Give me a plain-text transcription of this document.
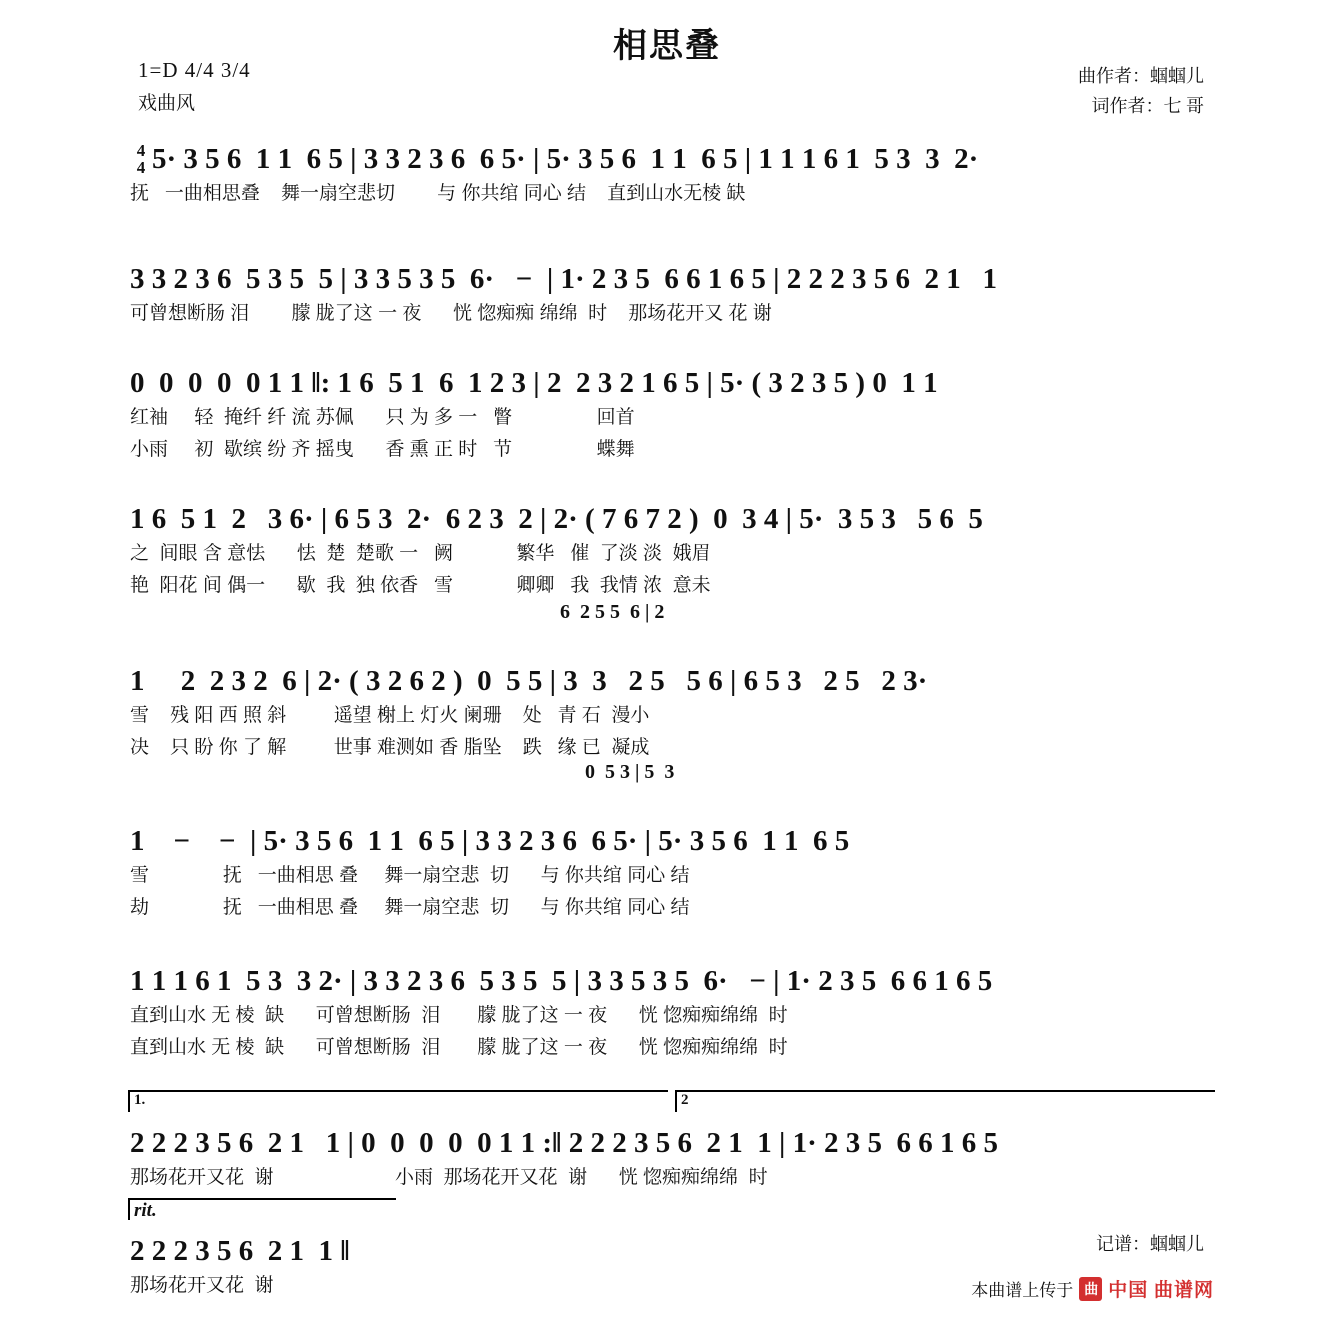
相思叠
1=D 4/4 3/4
戏曲风
曲作者：蝈蝈儿
词作者：七 哥
4
4 5· 3 5 6  1 1  6 5 | 3 3 2 3 6  6 5· | 5· 3 5 6  1 1  6 5 | 1 1 1 6 1  5 3  3  2·
抚   一曲相思叠    舞一扇空悲切        与 你共绾 同心 结    直到山水无棱 缺
3 3 2 3 6  5 3 5  5 | 3 3 5 3 5  6·   −  | 1· 2 3 5  6 6 1 6 5 | 2 2 2 3 5 6  2 1   1
可曾想断肠 泪        朦 胧了这 一 夜      恍 惚痴痴 绵绵  时    那场花开又 花 谢
0  0  0  0  0 1 1 ‖: 1 6  5 1  6  1 2 3 | 2  2 3 2 1 6 5 | 5· ( 3 2 3 5 ) 0  1 1
红袖     轻  掩纤 纤 流 苏佩      只 为 多 一   瞥                回首
小雨     初  歇缤 纷 齐 摇曳      香 熏 正 时   节                蝶舞
1 6  5 1  2   3 6· | 6 5 3  2·  6 2 3  2 | 2· ( 7 6 7 2 )  0  3 4 | 5·  3 5 3   5 6  5
之  间眼 含 意怯      怯  楚  楚歌 一   阙            繁华   催  了淡 淡  娥眉
艳  阳花 间 偶一      歇  我  独 依香   雪            卿卿   我  我情 浓  意未
6  2 5 5  6 | 2
1     2  2 3 2  6 | 2· ( 3 2 6 2 )  0  5 5 | 3  3   2 5   5 6 | 6 5 3   2 5   2 3·
雪    残 阳 西 照 斜         遥望 榭上 灯火 阑珊    处   青 石  漫小
决    只 盼 你 了 解         世事 难测如 香 脂坠    跌   缘 已  凝成
0  5 3 | 5  3
1    −    −  | 5· 3 5 6  1 1  6 5 | 3 3 2 3 6  6 5· | 5· 3 5 6  1 1  6 5
雪              抚   一曲相思 叠     舞一扇空悲  切      与 你共绾 同心 结
劫              抚   一曲相思 叠     舞一扇空悲  切      与 你共绾 同心 结
1 1 1 6 1  5 3  3 2· | 3 3 2 3 6  5 3 5  5 | 3 3 5 3 5  6·   − | 1· 2 3 5  6 6 1 6 5
直到山水 无 棱  缺      可曾想断肠  泪       朦 胧了这 一 夜      恍 惚痴痴绵绵  时
直到山水 无 棱  缺      可曾想断肠  泪       朦 胧了这 一 夜      恍 惚痴痴绵绵  时
1.	2
2 2 2 3 5 6  2 1   1 | 0  0  0  0  0 1 1 :‖ 2 2 2 3 5 6  2 1  1 | 1· 2 3 5  6 6 1 6 5
那场花开又花  谢                       小雨  那场花开又花  谢      恍 惚痴痴绵绵  时
rit.
2 2 2 3 5 6  2 1  1 ‖
那场花开又花  谢
记谱：蝈蝈儿
本曲谱上传于 曲 中国 曲谱网
